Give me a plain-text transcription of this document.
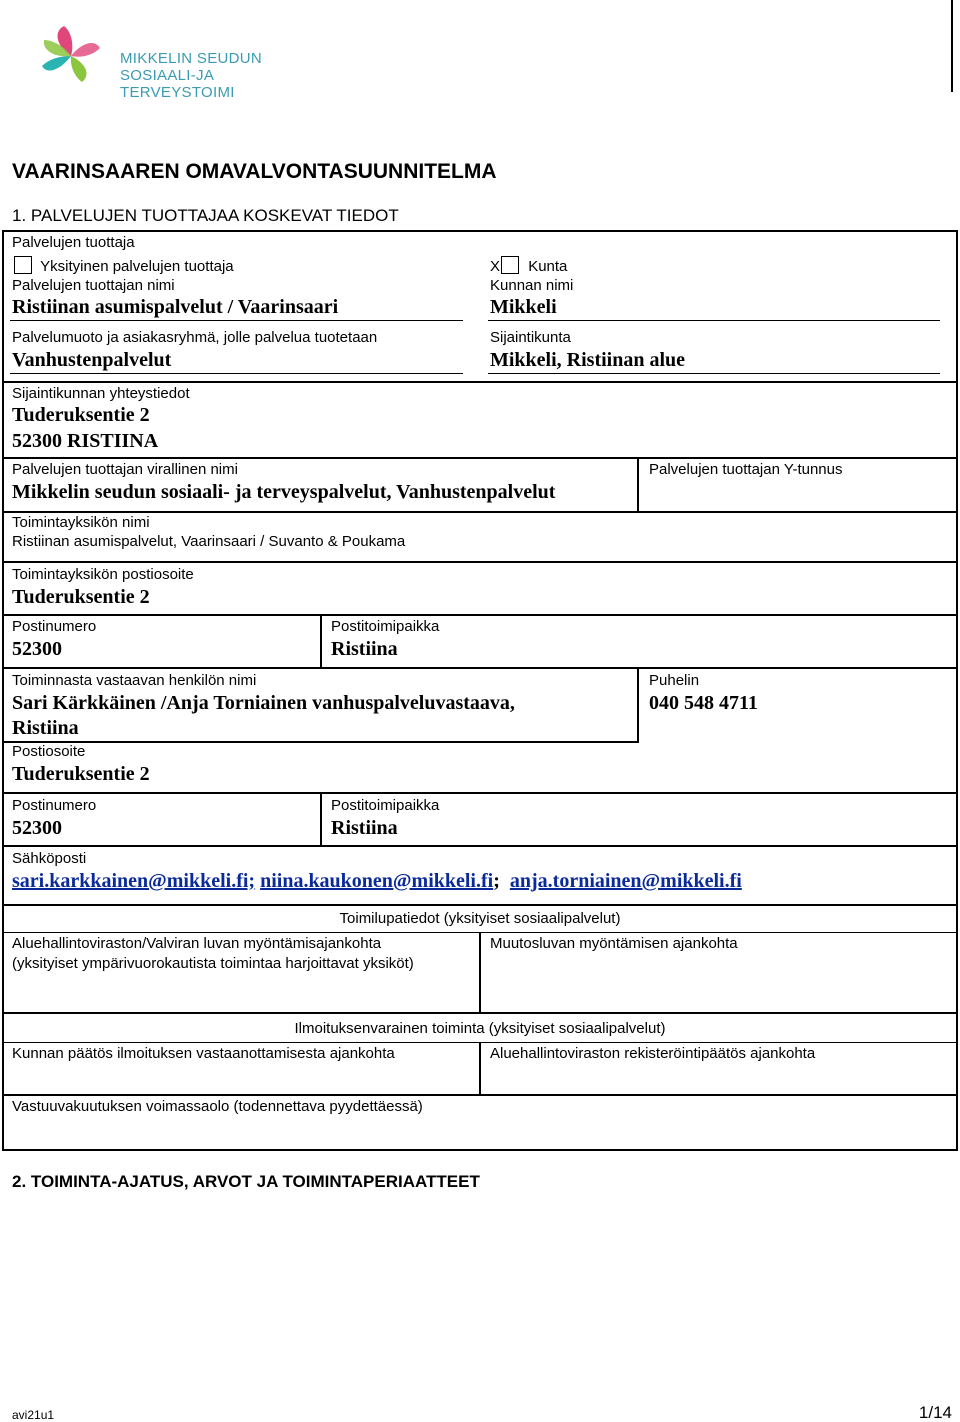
MIKKELIN SEUDUN
SOSIAALI-JA TERVEYSTOIMI
VAARINSAAREN OMAVALVONTASUUNNITELMA
1. PALVELUJEN TUOTTAJAA KOSKEVAT TIEDOT
Palvelujen tuottaja
Yksityinen palvelujen tuottaja
Palvelujen tuottajan nimi
Ristiinan asumispalvelut / Vaarinsaari
X Kunta
Kunnan nimi
Mikkeli
Palvelumuoto ja asiakasryhmä, jolle palvelua tuotetaan
Vanhustenpalvelut
Sijaintikunta
Mikkeli, Ristiinan alue
Sijaintikunnan yhteystiedot
Tuderuksentie 2
52300 RISTIINA
Palvelujen tuottajan virallinen nimi
Mikkelin seudun sosiaali- ja terveyspalvelut, Vanhustenpalvelut
Palvelujen tuottajan Y-tunnus
Toimintayksikön nimi
Ristiinan asumispalvelut, Vaarinsaari / Suvanto & Poukama
Toimintayksikön postiosoite
Tuderuksentie 2
Postinumero
52300
Postitoimipaikka
Ristiina
Toiminnasta vastaavan henkilön nimi
Sari Kärkkäinen /Anja Torniainen vanhuspalveluvastaava,
Ristiina
Puhelin
040 548 4711
Postiosoite
Tuderuksentie 2
Postinumero
52300
Postitoimipaikka
Ristiina
Sähköposti
sari.karkkainen@mikkeli.fi; niina.kaukonen@mikkeli.fi; anja.torniainen@mikkeli.fi
Toimilupatiedot (yksityiset sosiaalipalvelut)
Aluehallintoviraston/Valviran luvan myöntämisajankohta
(yksityiset ympärivuorokautista toimintaa harjoittavat yksiköt)
Muutosluvan myöntämisen ajankohta
Ilmoituksenvarainen toiminta (yksityiset sosiaalipalvelut)
Kunnan päätös ilmoituksen vastaanottamisesta ajankohta	Aluehallintoviraston rekisteröintipäätös ajankohta
Vastuuvakuutuksen voimassaolo (todennettava pyydettäessä)
2. TOIMINTA-AJATUS, ARVOT JA TOIMINTAPERIAATTEET
avi21u1	1/14
